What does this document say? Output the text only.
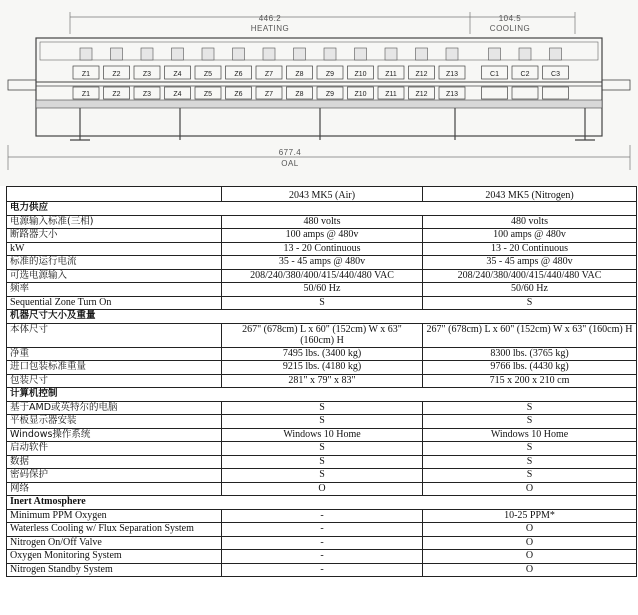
446.2
HEATING
104.5
COOLING
Z1	Z2	Z3	Z4	Z5	Z6	Z7	Z8	Z9	Z10	Z11	Z12	Z13	C1	C2	C3
Z1	Z2	Z3	Z4	Z5	Z6	Z7	Z8	Z9	Z10	Z11	Z12	Z13
677.4
OAL
	2043 MK5 (Air)	2043 MK5 (Nitrogen)
电力供应		
电源输入标准(三相)	480 volts	480 volts
断路器大小	100 amps @ 480v	100 amps @ 480v
kW	13 - 20 Continuous	13 - 20 Continuous
标准的运行电流	35 - 45 amps @ 480v	35 - 45 amps @ 480v
可选电源输入	208/240/380/400/415/440/480 VAC	208/240/380/400/415/440/480 VAC
频率	50/60 Hz	50/60 Hz
Sequential Zone Turn On	S	S
机器尺寸大小及重量		
本体尺寸	267" (678cm) L x 60" (152cm) W x 63" (160cm) H	267" (678cm) L x 60" (152cm) W x 63" (160cm) H
净重	7495 lbs. (3400 kg)	8300 lbs. (3765 kg)
进口包装标准重量	9215 lbs. (4180 kg)	9766 lbs. (4430 kg)
包装尺寸	281" x 79" x 83"	715 x 200 x 210 cm
计算机控制		
基于AMD或英特尔的电脑	S	S
平板显示器安装	S	S
Windows操作系统	Windows 10 Home	Windows 10 Home
启动软件	S	S
数据	S	S
密码保护	S	S
网络	O	O
Inert Atmosphere		
Minimum PPM Oxygen	-	10-25 PPM*
Waterless Cooling w/ Flux Separation System	-	O
Nitrogen On/Off Valve	-	O
Oxygen Monitoring System	-	O
Nitrogen Standby System	-	O
